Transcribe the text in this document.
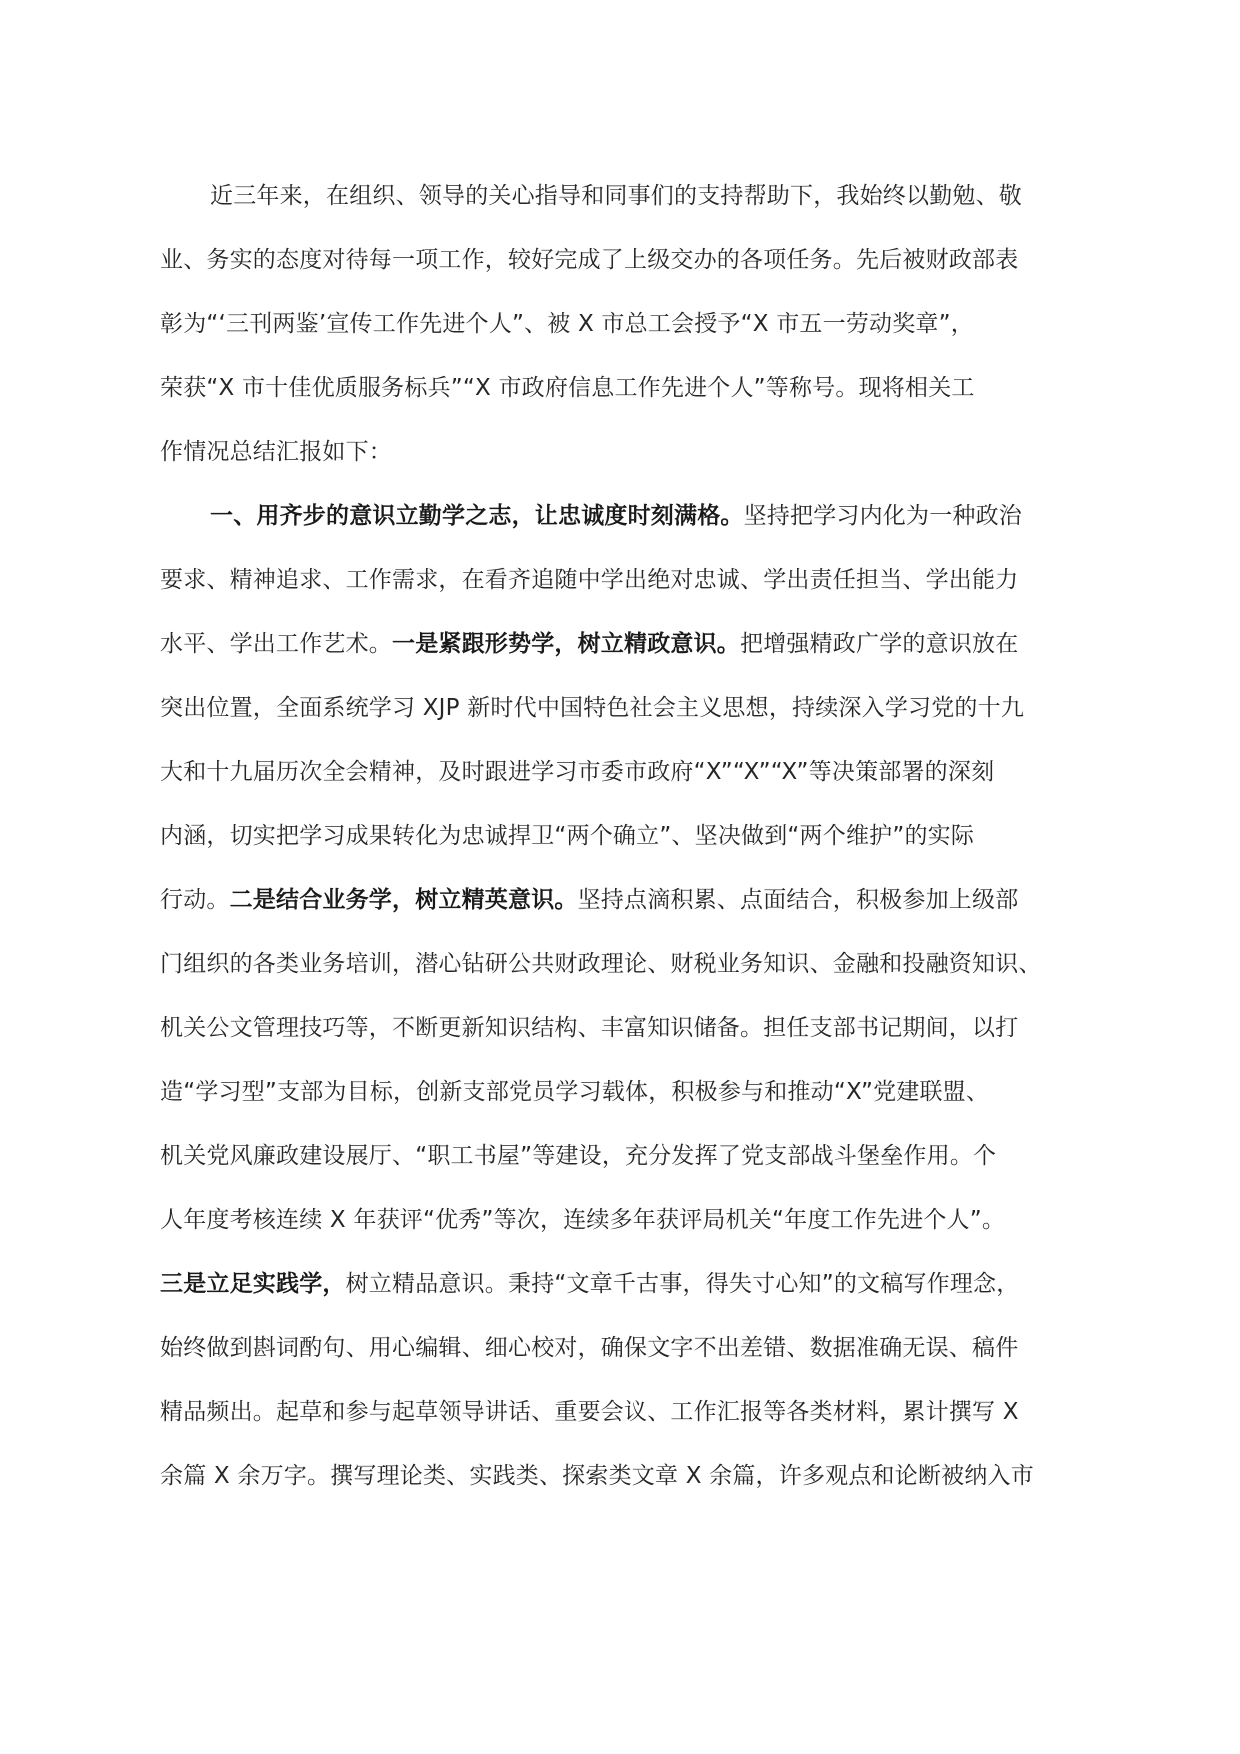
近三年来，在组织、领导的关心指导和同事们的支持帮助下，我始终以勤勉、敬
业、务实的态度对待每一项工作，较好完成了上级交办的各项任务。先后被财政部表
彰为“‘三刊两鉴’宣传工作先进个人”、被 X 市总工会授予“X 市五一劳动奖章”，
荣获“X 市十佳优质服务标兵”“X 市政府信息工作先进个人”等称号。现将相关工
作情况总结汇报如下：
一、用齐步的意识立勤学之志，让忠诚度时刻满格。坚持把学习内化为一种政治
要求、精神追求、工作需求，在看齐追随中学出绝对忠诚、学出责任担当、学出能力
水平、学出工作艺术。一是紧跟形势学，树立精政意识。把增强精政广学的意识放在
突出位置，全面系统学习 XJP 新时代中国特色社会主义思想，持续深入学习党的十九
大和十九届历次全会精神，及时跟进学习市委市政府“X”“X”“X”等决策部署的深刻
内涵，切实把学习成果转化为忠诚捍卫“两个确立”、坚决做到“两个维护”的实际
行动。二是结合业务学，树立精英意识。坚持点滴积累、点面结合，积极参加上级部
门组织的各类业务培训，潜心钻研公共财政理论、财税业务知识、金融和投融资知识、
机关公文管理技巧等，不断更新知识结构、丰富知识储备。担任支部书记期间，以打
造“学习型”支部为目标，创新支部党员学习载体，积极参与和推动“X”党建联盟、
机关党风廉政建设展厅、“职工书屋”等建设，充分发挥了党支部战斗堡垒作用。个
人年度考核连续 X 年获评“优秀”等次，连续多年获评局机关“年度工作先进个人”。
三是立足实践学，树立精品意识。秉持“文章千古事，得失寸心知”的文稿写作理念，
始终做到斟词酌句、用心编辑、细心校对，确保文字不出差错、数据准确无误、稿件
精品频出。起草和参与起草领导讲话、重要会议、工作汇报等各类材料，累计撰写 X
余篇 X 余万字。撰写理论类、实践类、探索类文章 X 余篇，许多观点和论断被纳入市
